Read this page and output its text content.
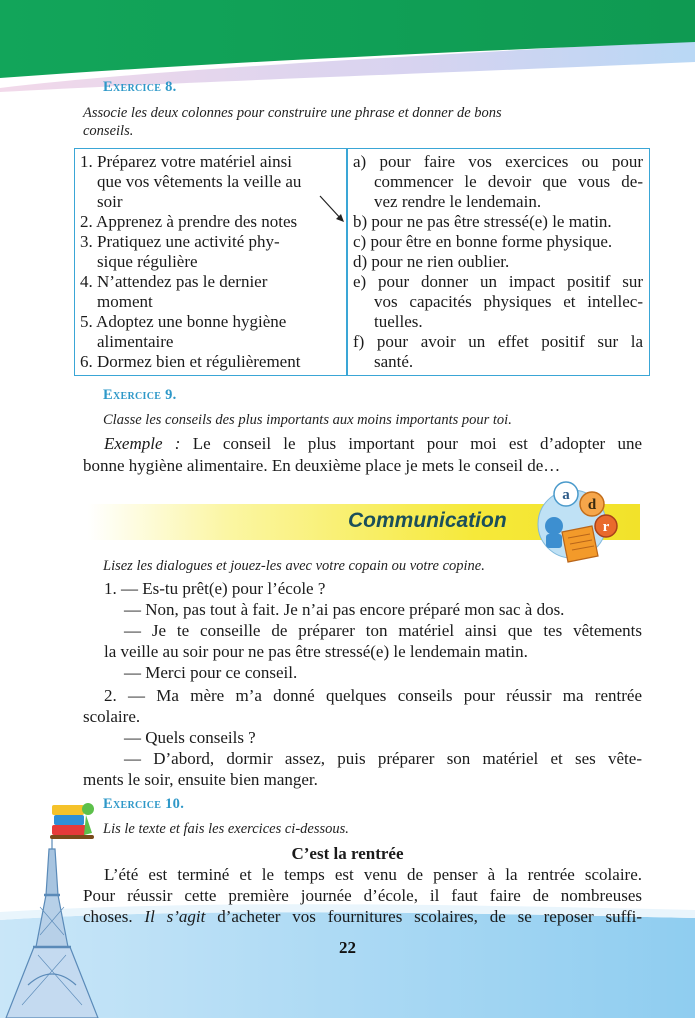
Exercice 8.
Associe les deux colonnes pour construire une phrase et donner de bons
conseils.
1. Préparez votre matériel ainsi
que vos vêtements la veille au
soir
2. Apprenez à prendre des notes
3. Pratiquez une activité phy-
sique régulière
4. N’attendez pas le dernier
moment
5. Adoptez une bonne hygiène
alimentaire
6. Dormez bien et régulièrement
a) pour faire vos exercices ou pour
commencer le devoir que vous de-
vez rendre le lendemain.
b) pour ne pas être stressé(e) le matin.
c) pour être en bonne forme physique.
d) pour ne rien oublier.
e) pour donner un impact positif sur
vos capacités physiques et intellec-
tuelles.
f) pour avoir un effet positif sur la
santé.
Exercice 9.
Classe les conseils des plus importants aux moins importants pour toi.
Exemple : Le conseil le plus important pour moi est d’adopter une
bonne hygiène alimentaire. En deuxième place je mets le conseil de…
Communication
a
d
r
Lisez les dialogues et jouez-les avec votre copain ou votre copine.
1. — Es-tu prêt(e) pour l’école ?
— Non, pas tout à fait. Je n’ai pas encore préparé mon sac à dos.
— Je te conseille de préparer ton matériel ainsi que tes vêtements
la veille au soir pour ne pas être stressé(e) le lendemain matin.
— Merci pour ce conseil.
2. — Ma mère m’a donné quelques conseils pour réussir ma rentrée
scolaire.
— Quels conseils ?
— D’abord, dormir assez, puis préparer son matériel et ses vête-
ments le soir, ensuite bien manger.
Exercice 10.
Lis le texte et fais les exercices ci-dessous.
C’est la rentrée
L’été est terminé et le temps est venu de penser à la rentrée scolaire.
Pour réussir cette première journée d’école, il faut faire de nombreuses
choses. Il s’agit d’acheter vos fournitures scolaires, de se reposer suffi-
22
